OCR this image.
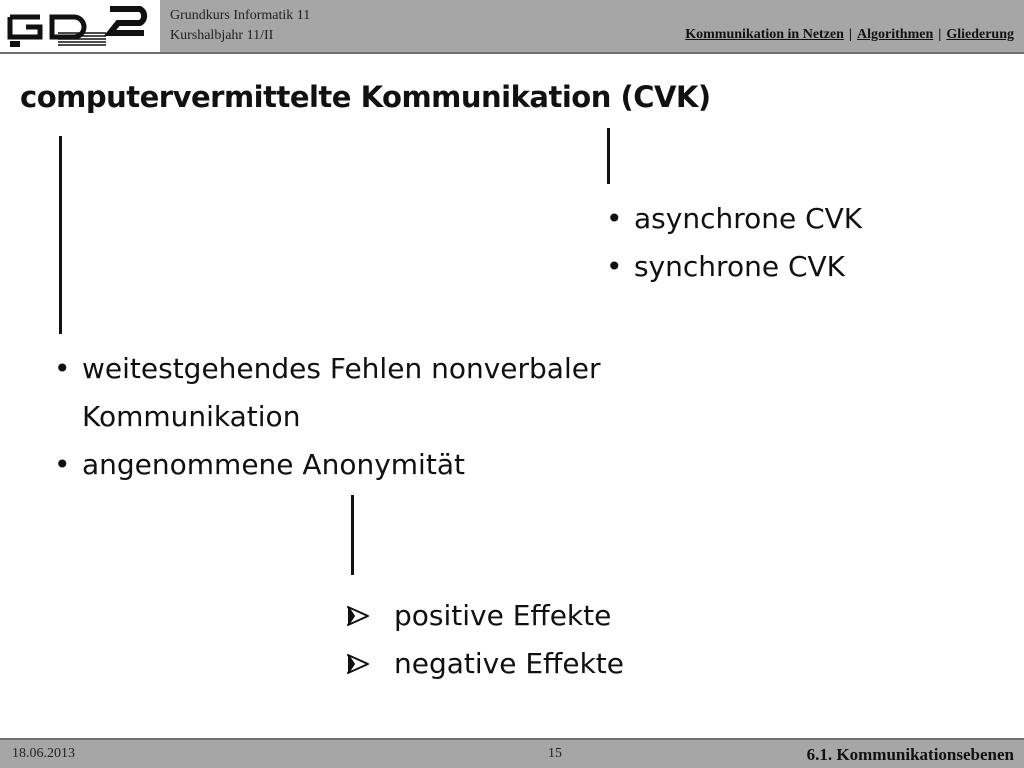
Grundkurs Informatik 11
Kurshalbjahr 11/II	Kommunikation in Netzen | Algorithmen | Gliederung
computervermittelte Kommunikation (CVK)
• asynchrone CVK
• synchrone CVK
• weitestgehendes Fehlen nonverbaler Kommunikation
• angenommene Anonymität
positive Effekte
negative Effekte
18.06.2013	15	6.1. Kommunikationsebenen
